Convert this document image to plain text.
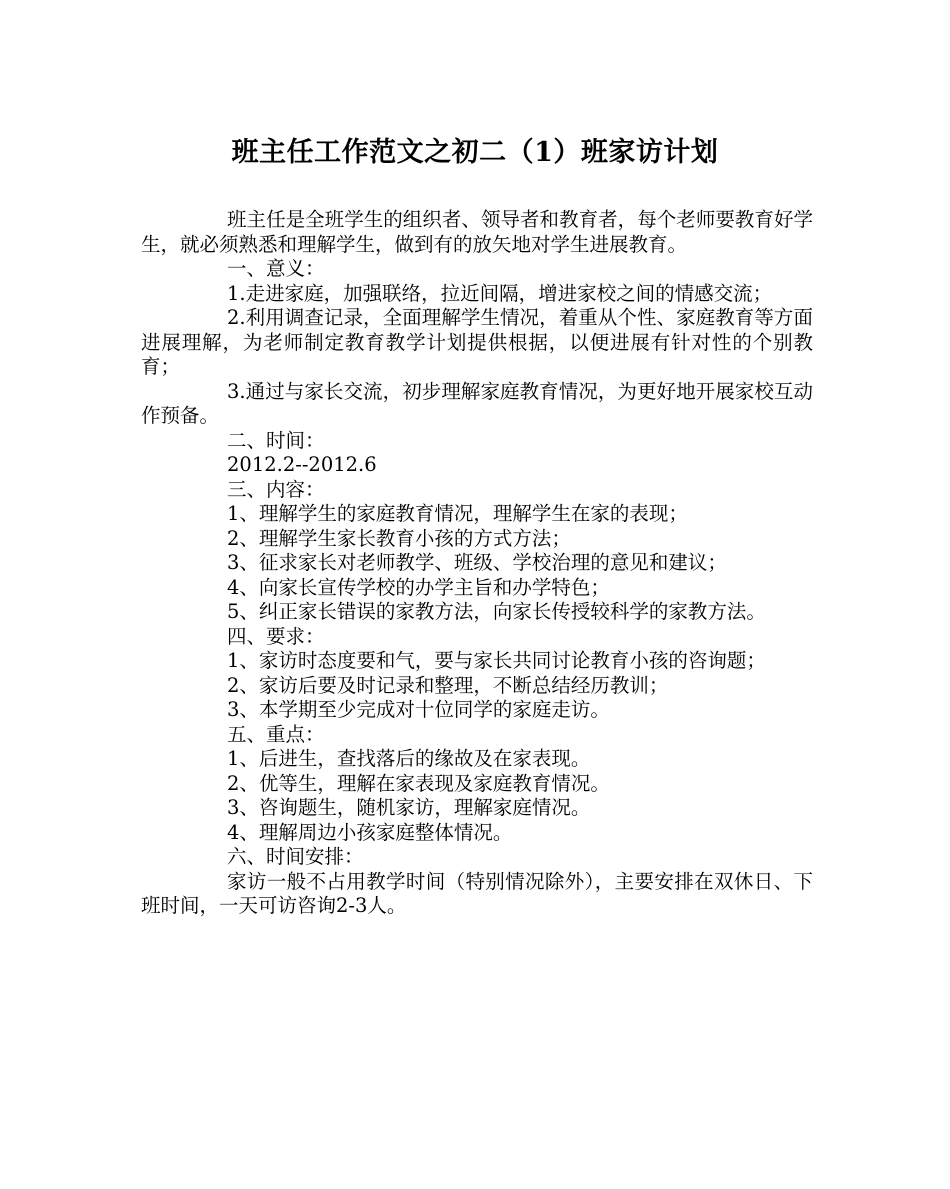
班主任工作范文之初二（1）班家访计划

班主任是全班学生的组织者、领导者和教育者，每个老师要教育好学生，就必须熟悉和理解学生，做到有的放矢地对学生进展教育。

一、意义：

1.走进家庭，加强联络，拉近间隔，增进家校之间的情感交流；

2.利用调查记录，全面理解学生情况，着重从个性、家庭教育等方面进展理解，为老师制定教育教学计划提供根据，以便进展有针对性的个别教育；

3.通过与家长交流，初步理解家庭教育情况，为更好地开展家校互动作预备。

二、时间：

2012.2--2012.6

三、内容：

1、理解学生的家庭教育情况，理解学生在家的表现；

2、理解学生家长教育小孩的方式方法；

3、征求家长对老师教学、班级、学校治理的意见和建议；

4、向家长宣传学校的办学主旨和办学特色；

5、纠正家长错误的家教方法，向家长传授较科学的家教方法。

四、要求：

1、家访时态度要和气，要与家长共同讨论教育小孩的咨询题；

2、家访后要及时记录和整理，不断总结经历教训；

3、本学期至少完成对十位同学的家庭走访。

五、重点：

1、后进生，查找落后的缘故及在家表现。

2、优等生，理解在家表现及家庭教育情况。

3、咨询题生，随机家访，理解家庭情况。

4、理解周边小孩家庭整体情况。

六、时间安排：

家访一般不占用教学时间（特别情况除外），主要安排在双休日、下班时间，一天可访咨询2-3人。
